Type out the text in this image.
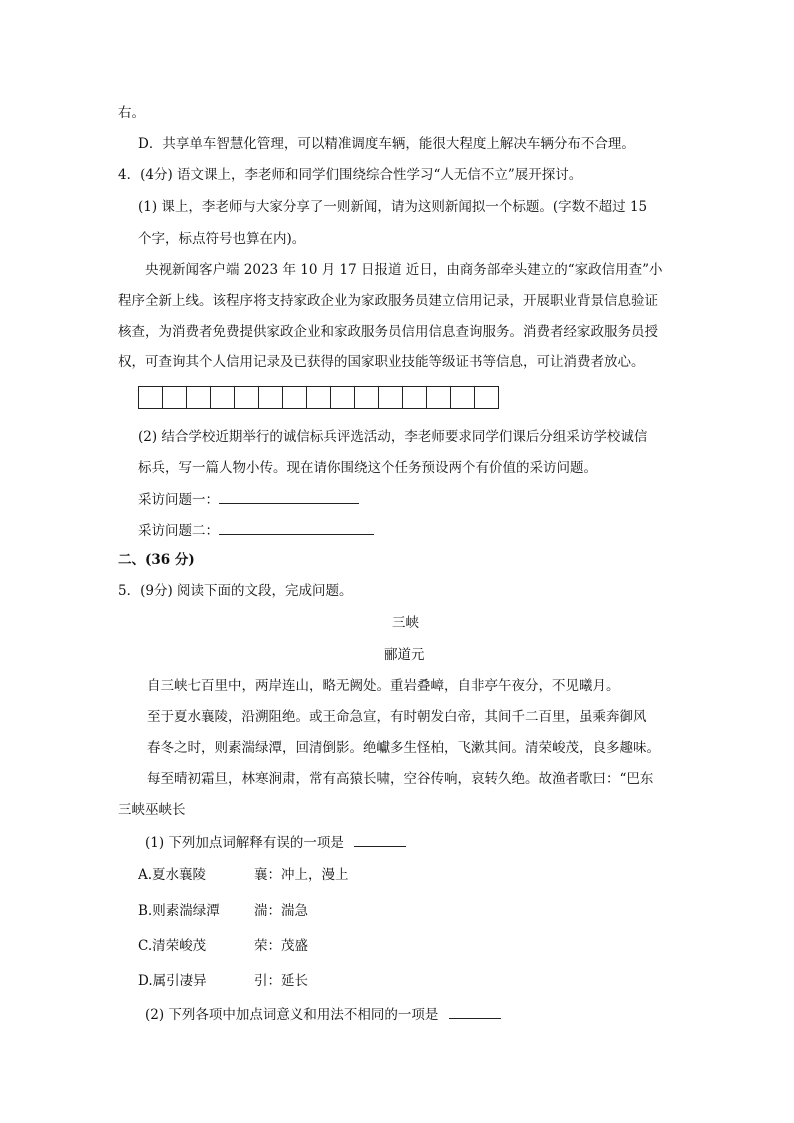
右。
D．共享单车智慧化管理，可以精准调度车辆，能很大程度上解决车辆分布不合理。
4．(4分) 语文课上，李老师和同学们围绕综合性学习“人无信不立”展开探讨。
(1) 课上，李老师与大家分享了一则新闻，请为这则新闻拟一个标题。(字数不超过 15
个字，标点符号也算在内)。
央视新闻客户端 2023 年 10 月 17 日报道 近日，由商务部牵头建立的“家政信用查”小
程序全新上线。该程序将支持家政企业为家政服务员建立信用记录，开展职业背景信息验证
核查，为消费者免费提供家政企业和家政服务员信用信息查询服务。消费者经家政服务员授
权，可查询其个人信用记录及已获得的国家职业技能等级证书等信息，可让消费者放心。
(2) 结合学校近期举行的诚信标兵评选活动，李老师要求同学们课后分组采访学校诚信
标兵，写一篇人物小传。现在请你围绕这个任务预设两个有价值的采访问题。
采访问题一：
采访问题二：
二、(36 分)
5．(9分) 阅读下面的文段，完成问题。
三峡
郦道元
自三峡七百里中，两岸连山，略无阙处。重岩叠嶂，自非亭午夜分，不见曦月。
至于夏水襄陵，沿溯阻绝。或王命急宣，有时朝发白帝，其间千二百里，虽乘奔御风
春冬之时，则素湍绿潭，回清倒影。绝巘多生怪柏，飞漱其间。清荣峻茂，良多趣味。
每至晴初霜旦，林寒涧肃，常有高猿长啸，空谷传响，哀转久绝。故渔者歌曰：“巴东
三峡巫峡长
(1) 下列加点词解释有误的一项是
A.夏水襄陵	襄：冲上，漫上
B.则素湍绿潭	湍：湍急
C.清荣峻茂	荣：茂盛
D.属引凄异	引：延长
(2) 下列各项中加点词意义和用法不相同的一项是
